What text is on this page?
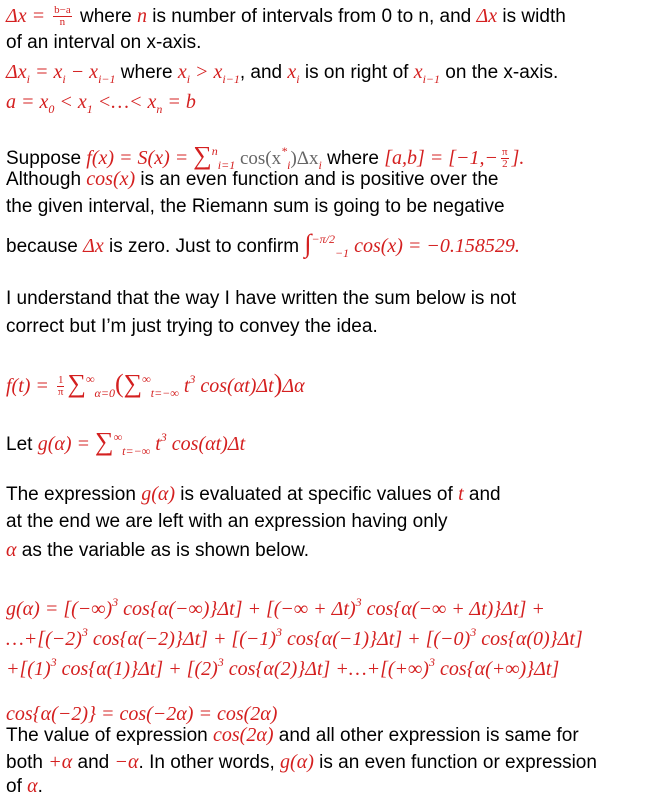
$\Delta x = \frac{b-a}{n}$ where n is number of intervals from 0 to n, and Δx is width
of an interval on x-axis.
$\Delta x_i = x_i - x_{i-1}$ where $x_i > x_{i-1}$, and $x_i$ is on right of $x_{i-1}$ on the x-axis.
$a = x_0 < x_1$ <…< $x_n = b$
Suppose f(x) = S(x) = ∑$^n_{i=1}$ $\cos(x^*_i)\Delta x_i$ where $[a,b] = [-1,- \frac{\pi}{2}$ ].
Although cos(x) is an even function and is positive over the
the given interval, the Riemann sum is going to be negative
because Δx is zero. Just to confirm ∫$^{-\pi/2}_{-1}$ cos(x) = −0.158529.
I understand that the way I have written the sum below is not
correct but I’m just trying to convey the idea.
$f(t) = \frac{1}{\pi} \sum^\infty_{\alpha=0}(\sum^\infty_{t=-\infty}$ $t^3$ cos(αt)Δt)Δα
Let $g(\alpha) = \sum^\infty_{t=-\infty}$ $t^3$ cos(αt)Δt
The expression g(α) is evaluated at specific values of t and
at the end we are left with an expression having only
α as the variable as is shown below.
g(α) = [(−∞)$^3$ cos{α(−∞)}Δt] + [(−∞ + Δt)$^3$ cos{α(−∞ + Δt)}Δt] +
$\dots+[(-2)^3$ $\cos\{\alpha(-2)\}\Delta t] + [(-1)^3$ $\cos\{\alpha(-1)\}\Delta t] + [(-0)^3$ cos{α(0)}Δt]
$+[(1)^3$ $\cos\{\alpha(1)\}\Delta t] + [(2)^3$ cos{α(2)}Δt] +…+[(+∞)$^3$ cos{α(+∞)}Δt]
cos{α(−2)} = cos(−2α) = cos(2α)
The value of expression cos(2α) and all other expression is same for
both +α and −α. In other words, g(α) is an even function or expression
of α.
